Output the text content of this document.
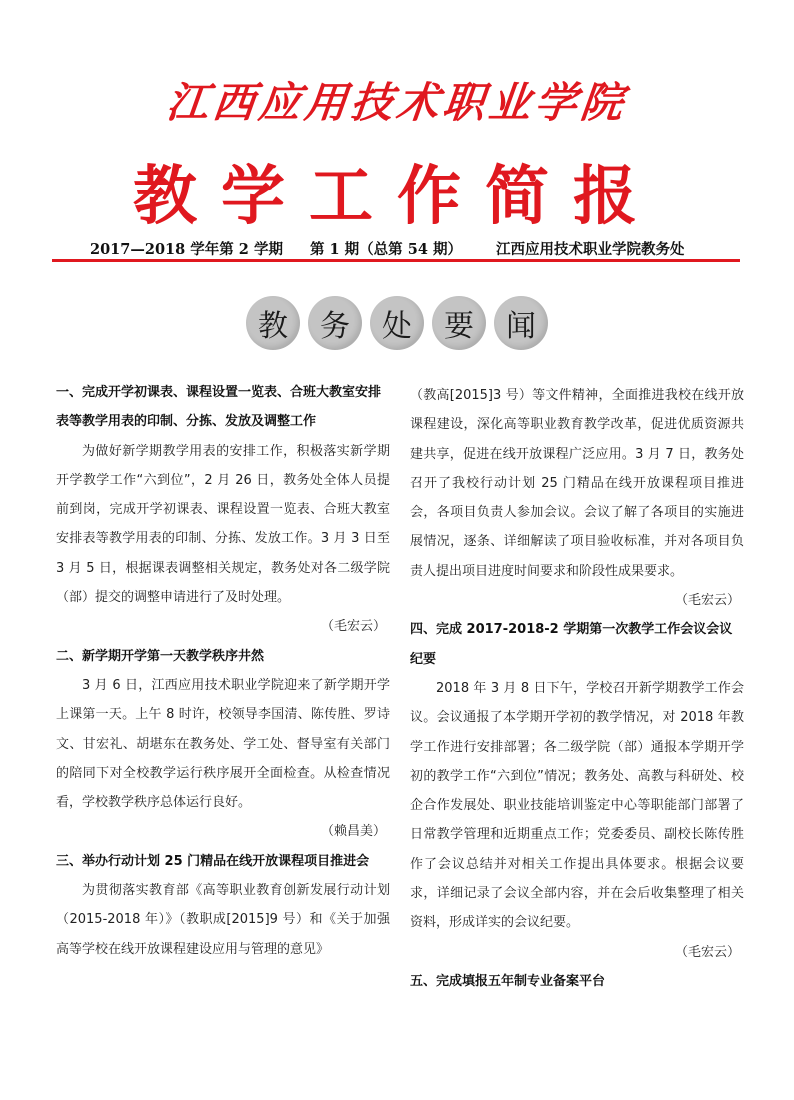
江西应用技术职业学院
教学工作简报
2017—2018 学年第 2 学期 第 1 期（总第 54 期） 江西应用技术职业学院教务处
教	务	处	要	闻
一、完成开学初课表、课程设置一览表、合班大教室安排表等教学用表的印制、分拣、发放及调整工作

为做好新学期教学用表的安排工作，积极落实新学期开学教学工作“六到位”，2 月 26 日，教务处全体人员提前到岗，完成开学初课表、课程设置一览表、合班大教室安排表等教学用表的印制、分拣、发放工作。3 月 3 日至 3 月 5 日，根据课表调整相关规定，教务处对各二级学院（部）提交的调整申请进行了及时处理。

（毛宏云）
二、新学期开学第一天教学秩序井然

3 月 6 日，江西应用技术职业学院迎来了新学期开学上课第一天。上午 8 时许，校领导李国清、陈传胜、罗诗文、甘宏礼、胡堪东在教务处、学工处、督导室有关部门的陪同下对全校教学运行秩序展开全面检查。从检查情况看，学校教学秩序总体运行良好。

（赖昌美）
三、举办行动计划 25 门精品在线开放课程项目推进会

为贯彻落实教育部《高等职业教育创新发展行动计划（2015-2018 年）》（教职成[2015]9 号）和《关于加强高等学校在线开放课程建设应用与管理的意见》

（教高[2015]3 号）等文件精神，全面推进我校在线开放课程建设，深化高等职业教育教学改革，促进优质资源共建共享，促进在线开放课程广泛应用。3 月 7 日，教务处召开了我校行动计划 25 门精品在线开放课程项目推进会，各项目负责人参加会议。会议了解了各项目的实施进展情况，逐条、详细解读了项目验收标准，并对各项目负责人提出项目进度时间要求和阶段性成果要求。

（毛宏云）
四、完成 2017-2018-2 学期第一次教学工作会议会议纪要

2018 年 3 月 8 日下午，学校召开新学期教学工作会议。会议通报了本学期开学初的教学情况，对 2018 年教学工作进行安排部署；各二级学院（部）通报本学期开学初的教学工作“六到位”情况；教务处、高教与科研处、校企合作发展处、职业技能培训鉴定中心等职能部门部署了日常教学管理和近期重点工作；党委委员、副校长陈传胜作了会议总结并对相关工作提出具体要求。根据会议要求，详细记录了会议全部内容，并在会后收集整理了相关资料，形成详实的会议纪要。

（毛宏云）
五、完成填报五年制专业备案平台
